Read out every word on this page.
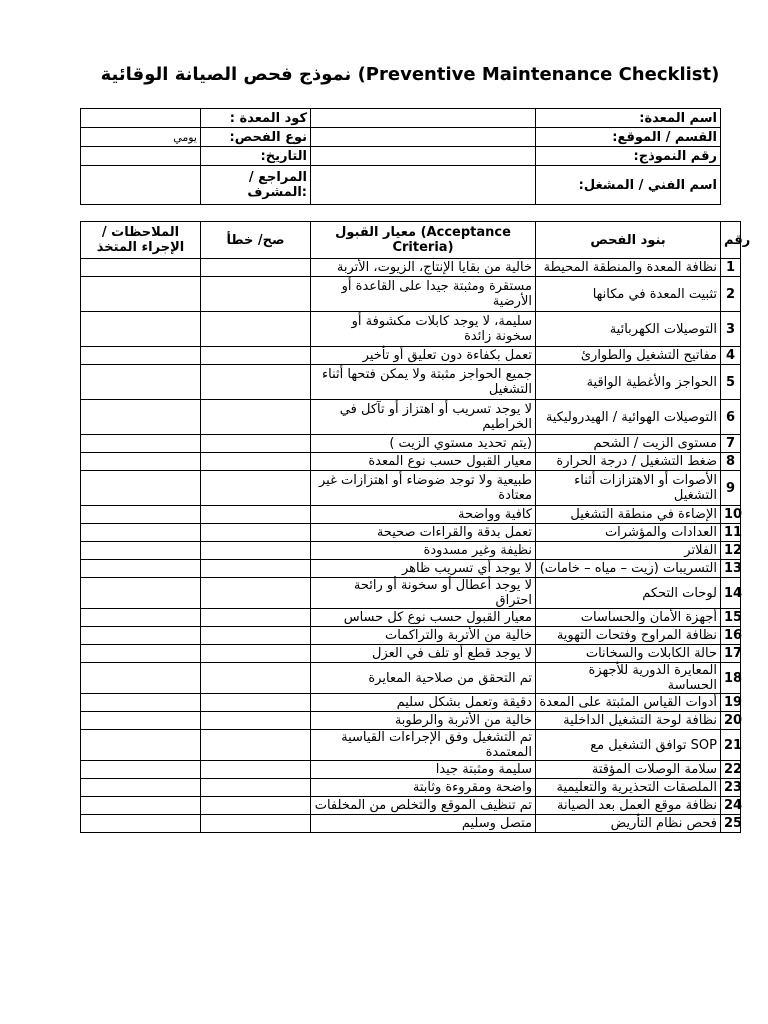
نموذج فحص الصيانة الوقائية (Preventive Maintenance Checklist)
	: كود المعدة		:اسم المعدة
يومي	:نوع الفحص		:القسم / الموقع
	:التاريخ		:رقم النموذج
	المراجع / المشرف:		:اسم الفني / المشغل
الملاحظات / الإجراء المتخذ	صح/ خطأ	معيار القبول (Acceptance Criteria)	بنود الفحص	رقم
		خالية من بقايا الإنتاج، الزيوت، الأتربة	نظافة المعدة والمنطقة المحيطة	1
		مستقرة ومثبتة جيدا على القاعدة أو الأرضية	تثبيت المعدة في مكانها	2
		سليمة، لا يوجد كابلات مكشوفة أو سخونة زائدة	التوصيلات الكهربائية	3
		تعمل بكفاءة دون تعليق أو تأخير	مفاتيح التشغيل والطوارئ	4
		جميع الحواجز مثبتة ولا يمكن فتحها أثناء التشغيل	الحواجز والأغطية الواقية	5
		لا يوجد تسريب أو اهتزاز أو تآكل في الخراطيم	التوصيلات الهوائية / الهيدروليكية	6
		( يتم تحديد مستوي الزيت)	مستوى الزيت / الشحم	7
		معيار القبول حسب نوع المعدة	ضغط التشغيل / درجة الحرارة	8
		طبيعية ولا توجد ضوضاء أو اهتزازات غير معتادة	الأصوات أو الاهتزازات أثناء التشغيل	9
		كافية وواضحة	الإضاءة في منطقة التشغيل	10
		تعمل بدقة والقراءات صحيحة	العدادات والمؤشرات	11
		نظيفة وغير مسدودة	الفلاتر	12
		لا يوجد أي تسريب ظاهر	التسريبات (زيت – مياه – خامات)	13
		لا يوجد أعطال أو سخونة أو رائحة احتراق	لوحات التحكم	14
		معيار القبول حسب نوع كل حساس	أجهزة الأمان والحساسات	15
		خالية من الأتربة والتراكمات	نظافة المراوح وفتحات التهوية	16
		لا يوجد قطع أو تلف في العزل	حالة الكابلات والسخانات	17
		تم التحقق من صلاحية المعايرة	المعايرة الدورية للأجهزة الحساسة	18
		دقيقة وتعمل بشكل سليم	أدوات القياس المثبتة على المعدة	19
		خالية من الأتربة والرطوبة	نظافة لوحة التشغيل الداخلية	20
		تم التشغيل وفق الإجراءات القياسية المعتمدة	توافق التشغيل مع SOP	21
		سليمة ومثبتة جيدا	سلامة الوصلات المؤقتة	22
		واضحة ومقروءة وثابتة	الملصقات التحذيرية والتعليمية	23
		تم تنظيف الموقع والتخلص من المخلفات	نظافة موقع العمل بعد الصيانة	24
		متصل وسليم	فحص نظام التأريض	25
